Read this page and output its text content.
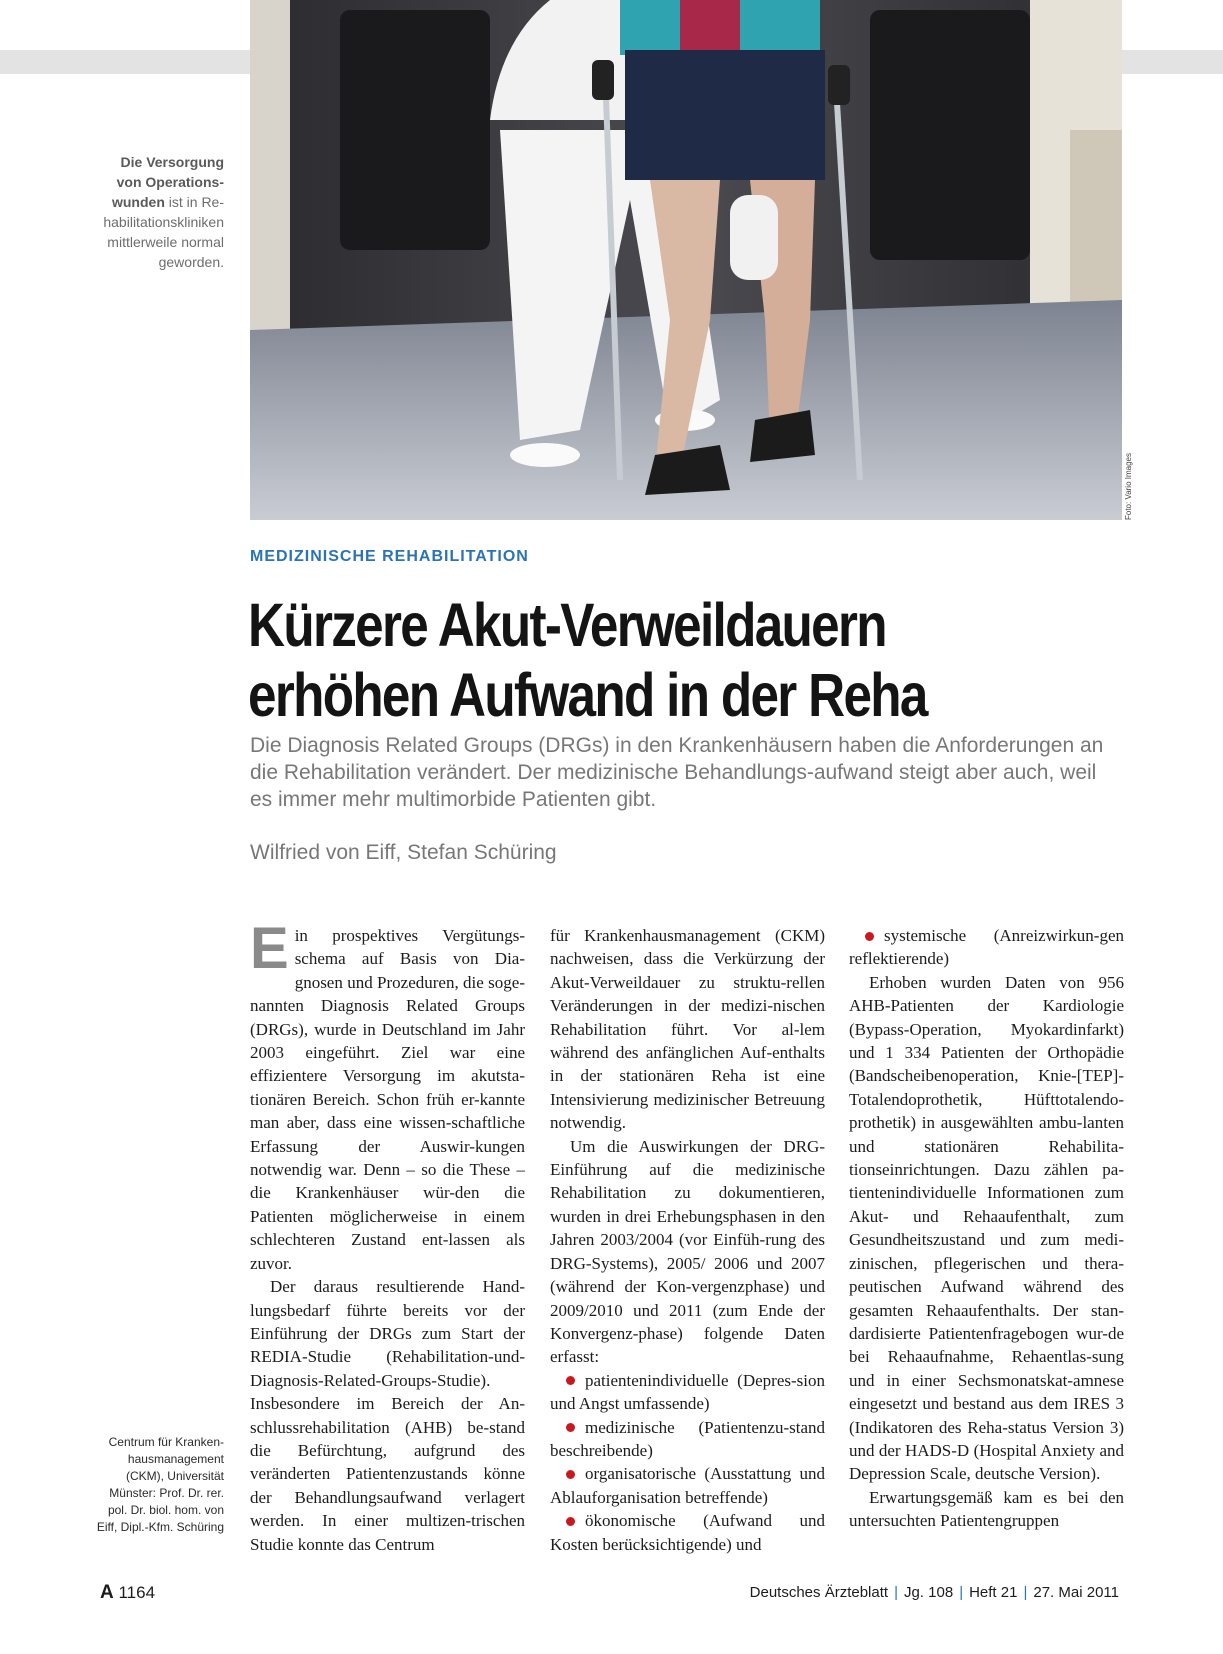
Foto: Vario Images
Die Versorgung von Operations-wunden ist in Re-habilitationskliniken mittlerweile normal geworden.
MEDIZINISCHE REHABILITATION
Kürzere Akut-Verweildauern
erhöhen Aufwand in der Reha

Die Diagnosis Related Groups (DRGs) in den Krankenhäusern haben die Anforderungen an die Rehabilitation verändert. Der medizinische Behandlungs-aufwand steigt aber auch, weil es immer mehr multimorbide Patienten gibt.

Wilfried von Eiff, Stefan Schüring

Ein prospektives Vergütungs-schema auf Basis von Dia-gnosen und Prozeduren, die soge-nannten Diagnosis Related Groups (DRGs), wurde in Deutschland im Jahr 2003 eingeführt. Ziel war eine effizientere Versorgung im akutsta-tionären Bereich. Schon früh er-kannte man aber, dass eine wissen-schaftliche Erfassung der Auswir-kungen notwendig war. Denn – so die These – die Krankenhäuser wür-den die Patienten möglicherweise in einem schlechteren Zustand ent-lassen als zuvor.

Der daraus resultierende Hand-lungsbedarf führte bereits vor der Einführung der DRGs zum Start der REDIA-Studie (Rehabilitation-und-Diagnosis-Related-Groups-Studie). Insbesondere im Bereich der An-schlussrehabilitation (AHB) be-stand die Befürchtung, aufgrund des veränderten Patientenzustands könne der Behandlungsaufwand verlagert werden. In einer multizen-trischen Studie konnte das Centrum

für Krankenhausmanagement (CKM) nachweisen, dass die Verkürzung der Akut-Verweildauer zu struktu-rellen Veränderungen in der medizi-nischen Rehabilitation führt. Vor al-lem während des anfänglichen Auf-enthalts in der stationären Reha ist eine Intensivierung medizinischer Betreuung notwendig.

Um die Auswirkungen der DRG-Einführung auf die medizinische Rehabilitation zu dokumentieren, wurden in drei Erhebungsphasen in den Jahren 2003/2004 (vor Einfüh-rung des DRG-Systems), 2005/ 2006 und 2007 (während der Kon-vergenzphase) und 2009/2010 und 2011 (zum Ende der Konvergenz-phase) folgende Daten erfasst:

patientenindividuelle (Depres-sion und Angst umfassende)
medizinische (Patientenzu-stand beschreibende)
organisatorische (Ausstattung und Ablauforganisation betreffende)
ökonomische (Aufwand und Kosten berücksichtigende) und
systemische (Anreizwirkun-gen reflektierende)

Erhoben wurden Daten von 956 AHB-Patienten der Kardiologie (Bypass-Operation, Myokardinfarkt) und 1 334 Patienten der Orthopädie (Bandscheibenoperation, Knie-[TEP]-Totalendoprothetik, Hüfttotalendo-prothetik) in ausgewählten ambu-lanten und stationären Rehabilita-tionseinrichtungen. Dazu zählen pa-tientenindividuelle Informationen zum Akut- und Rehaaufenthalt, zum Gesundheitszustand und zum medi-zinischen, pflegerischen und thera-peutischen Aufwand während des gesamten Rehaaufenthalts. Der stan-dardisierte Patientenfragebogen wur-de bei Rehaaufnahme, Rehaentlas-sung und in einer Sechsmonatskat-amnese eingesetzt und bestand aus dem IRES 3 (Indikatoren des Reha-status Version 3) und der HADS-D (Hospital Anxiety and Depression Scale, deutsche Version).

Erwartungsgemäß kam es bei den untersuchten Patientengruppen

Centrum für Kranken-hausmanagement (CKM), Universität Münster: Prof. Dr. rer. pol. Dr. biol. hom. von Eiff, Dipl.-Kfm. Schüring
A 1164	Deutsches Ärzteblatt | Jg. 108 | Heft 21 | 27. Mai 2011
